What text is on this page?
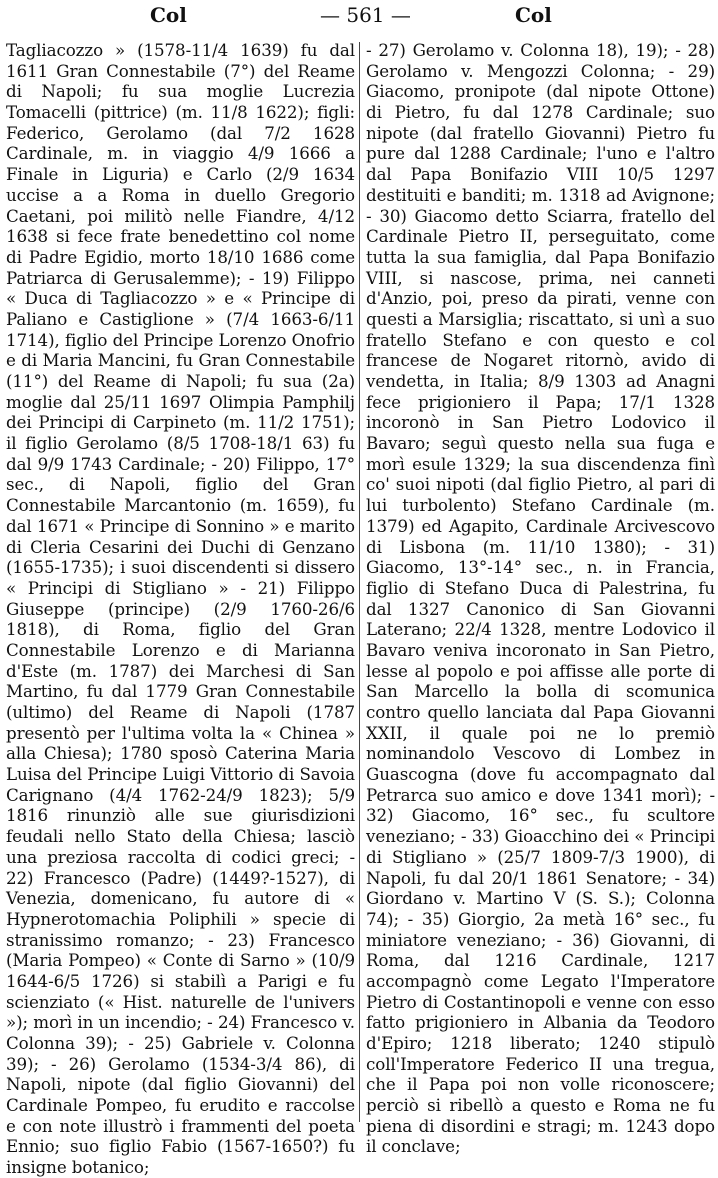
Col	— 561 —	Col

Tagliacozzo » (1578-11/4 1639) fu dal 1611 Gran Connestabile (7°) del Reame di Napoli; fu sua moglie Lucrezia Tomacelli (pittrice) (m. 11/8 1622); figli: Federico, Gerolamo (dal 7/2 1628 Cardinale, m. in viaggio 4/9 1666 a Finale in Liguria) e Carlo (2/9 1634 uccise a a Roma in duello Gregorio Caetani, poi militò nelle Fiandre, 4/12 1638 si fece frate benedettino col nome di Padre Egidio, morto 18/10 1686 come Patriarca di Gerusalemme); - 19) Filippo « Duca di Tagliacozzo » e « Principe di Paliano e Castiglione » (7/4 1663-6/11 1714), figlio del Principe Lorenzo Onofrio e di Maria Mancini, fu Gran Connestabile (11°) del Reame di Napoli; fu sua (2a) moglie dal 25/11 1697 Olimpia Pamphilj dei Principi di Carpineto (m. 11/2 1751); il figlio Gerolamo (8/5 1708-18/1 63) fu dal 9/9 1743 Cardinale; - 20) Filippo, 17° sec., di Napoli, figlio del Gran Connestabile Marcantonio (m. 1659), fu dal 1671 « Principe di Sonnino » e marito di Cleria Cesarini dei Duchi di Genzano (1655-1735); i suoi discendenti si dissero « Principi di Stigliano » - 21) Filippo Giuseppe (principe) (2/9 1760-26/6 1818), di Roma, figlio del Gran Connestabile Lorenzo e di Marianna d'Este (m. 1787) dei Marchesi di San Martino, fu dal 1779 Gran Connestabile (ultimo) del Reame di Napoli (1787 presentò per l'ultima volta la « Chinea » alla Chiesa); 1780 sposò Caterina Maria Luisa del Principe Luigi Vittorio di Savoia Carignano (4/4 1762-24/9 1823); 5/9 1816 rinunziò alle sue giurisdizioni feudali nello Stato della Chiesa; lasciò una preziosa raccolta di codici greci; - 22) Francesco (Padre) (1449?-1527), di Venezia, domenicano, fu autore di « Hypnerotomachia Poliphili » specie di stranissimo romanzo; - 23) Francesco (Maria Pompeo) « Conte di Sarno » (10/9 1644-6/5 1726) si stabilì a Parigi e fu scienziato (« Hist. naturelle de l'univers »); morì in un incendio; - 24) Francesco v. Colonna 39); - 25) Gabriele v. Colonna 39); - 26) Gerolamo (1534-3/4 86), di Napoli, nipote (dal figlio Giovanni) del Cardinale Pompeo, fu erudito e raccolse e con note illustrò i frammenti del poeta Ennio; suo figlio Fabio (1567-1650?) fu insigne botanico;

- 27) Gerolamo v. Colonna 18), 19); - 28) Gerolamo v. Mengozzi Colonna; - 29) Giacomo, pronipote (dal nipote Ottone) di Pietro, fu dal 1278 Cardinale; suo nipote (dal fratello Giovanni) Pietro fu pure dal 1288 Cardinale; l'uno e l'altro dal Papa Bonifazio VIII 10/5 1297 destituiti e banditi; m. 1318 ad Avignone; - 30) Giacomo detto Sciarra, fratello del Cardinale Pietro II, perseguitato, come tutta la sua famiglia, dal Papa Bonifazio VIII, si nascose, prima, nei canneti d'Anzio, poi, preso da pirati, venne con questi a Marsiglia; riscattato, si unì a suo fratello Stefano e con questo e col francese de Nogaret ritornò, avido di vendetta, in Italia; 8/9 1303 ad Anagni fece prigioniero il Papa; 17/1 1328 incoronò in San Pietro Lodovico il Bavaro; seguì questo nella sua fuga e morì esule 1329; la sua discendenza finì co' suoi nipoti (dal figlio Pietro, al pari di lui turbolento) Stefano Cardinale (m. 1379) ed Agapito, Cardinale Arcivescovo di Lisbona (m. 11/10 1380); - 31) Giacomo, 13°-14° sec., n. in Francia, figlio di Stefano Duca di Palestrina, fu dal 1327 Canonico di San Giovanni Laterano; 22/4 1328, mentre Lodovico il Bavaro veniva incoronato in San Pietro, lesse al popolo e poi affisse alle porte di San Marcello la bolla di scomunica contro quello lanciata dal Papa Giovanni XXII, il quale poi ne lo premiò nominandolo Vescovo di Lombez in Guascogna (dove fu accompagnato dal Petrarca suo amico e dove 1341 morì); - 32) Giacomo, 16° sec., fu scultore veneziano; - 33) Gioacchino dei « Principi di Stigliano » (25/7 1809-7/3 1900), di Napoli, fu dal 20/1 1861 Senatore; - 34) Giordano v. Martino V (S. S.); Colonna 74); - 35) Giorgio, 2a metà 16° sec., fu miniatore veneziano; - 36) Giovanni, di Roma, dal 1216 Cardinale, 1217 accompagnò come Legato l'Imperatore Pietro di Costantinopoli e venne con esso fatto prigioniero in Albania da Teodoro d'Epiro; 1218 liberato; 1240 stipulò coll'Imperatore Federico II una tregua, che il Papa poi non volle riconoscere; perciò si ribellò a questo e Roma ne fu piena di disordini e stragi; m. 1243 dopo il conclave;
